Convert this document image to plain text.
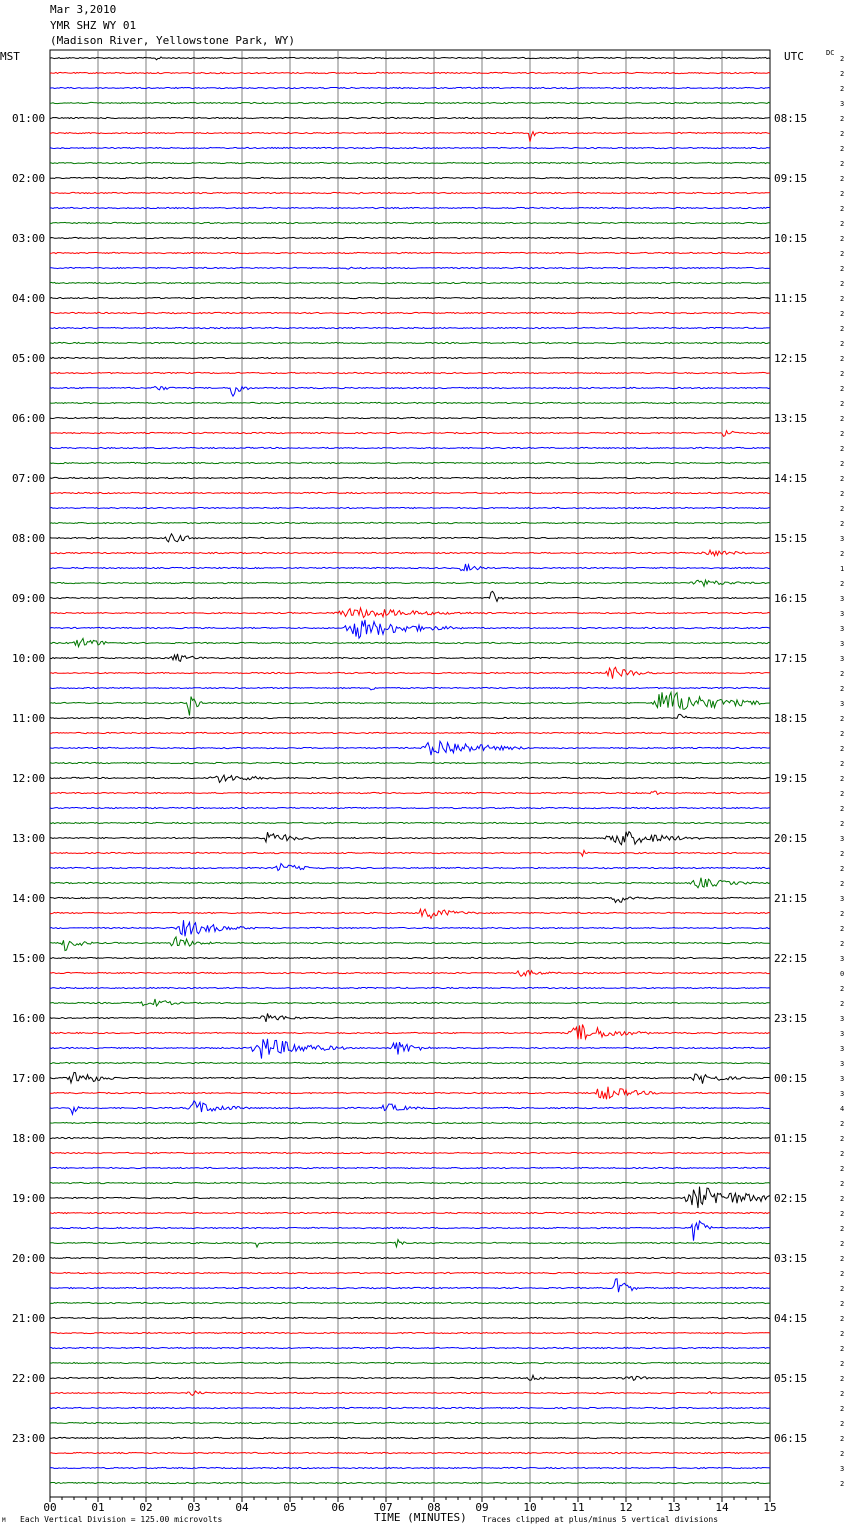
Mar 3,2010
YMR SHZ WY 01
(Madison River, Yellowstone Park, WY)
MST	UTC	DC
00	01	02	03	04	05	06	07	08	09	10	11	12	13	14	15
01:00
02:00
03:00
04:00
05:00
06:00
07:00
08:00
09:00
10:00
11:00
12:00
13:00
14:00
15:00
16:00
17:00
18:00
19:00
20:00
21:00
22:00
23:00
08:15
09:15
10:15
11:15
12:15
13:15
14:15
15:15
16:15
17:15
18:15
19:15
20:15
21:15
22:15
23:15
00:15
01:15
02:15
03:15
04:15
05:15
06:15
2
2
2
3
2
2
2
2
2
2
2
2
2
2
2
2
2
2
2
2
2
2
2
2
2
2
2
2
2
2
2
2
3
2
1
2
3
3
3
3
3
2
2
3
2
2
2
2
2
2
2
2
3
2
2
2
3
2
2
2
3
0
2
2
3
3
3
3
3
3
4
2
2
2
2
2
2
2
2
2
2
2
2
2
2
2
2
2
2
2
2
2
2
2
3
2
M Each Vertical Division = 125.00 microvolts	TIME (MINUTES) Traces clipped at plus/minus 5 vertical divisions
